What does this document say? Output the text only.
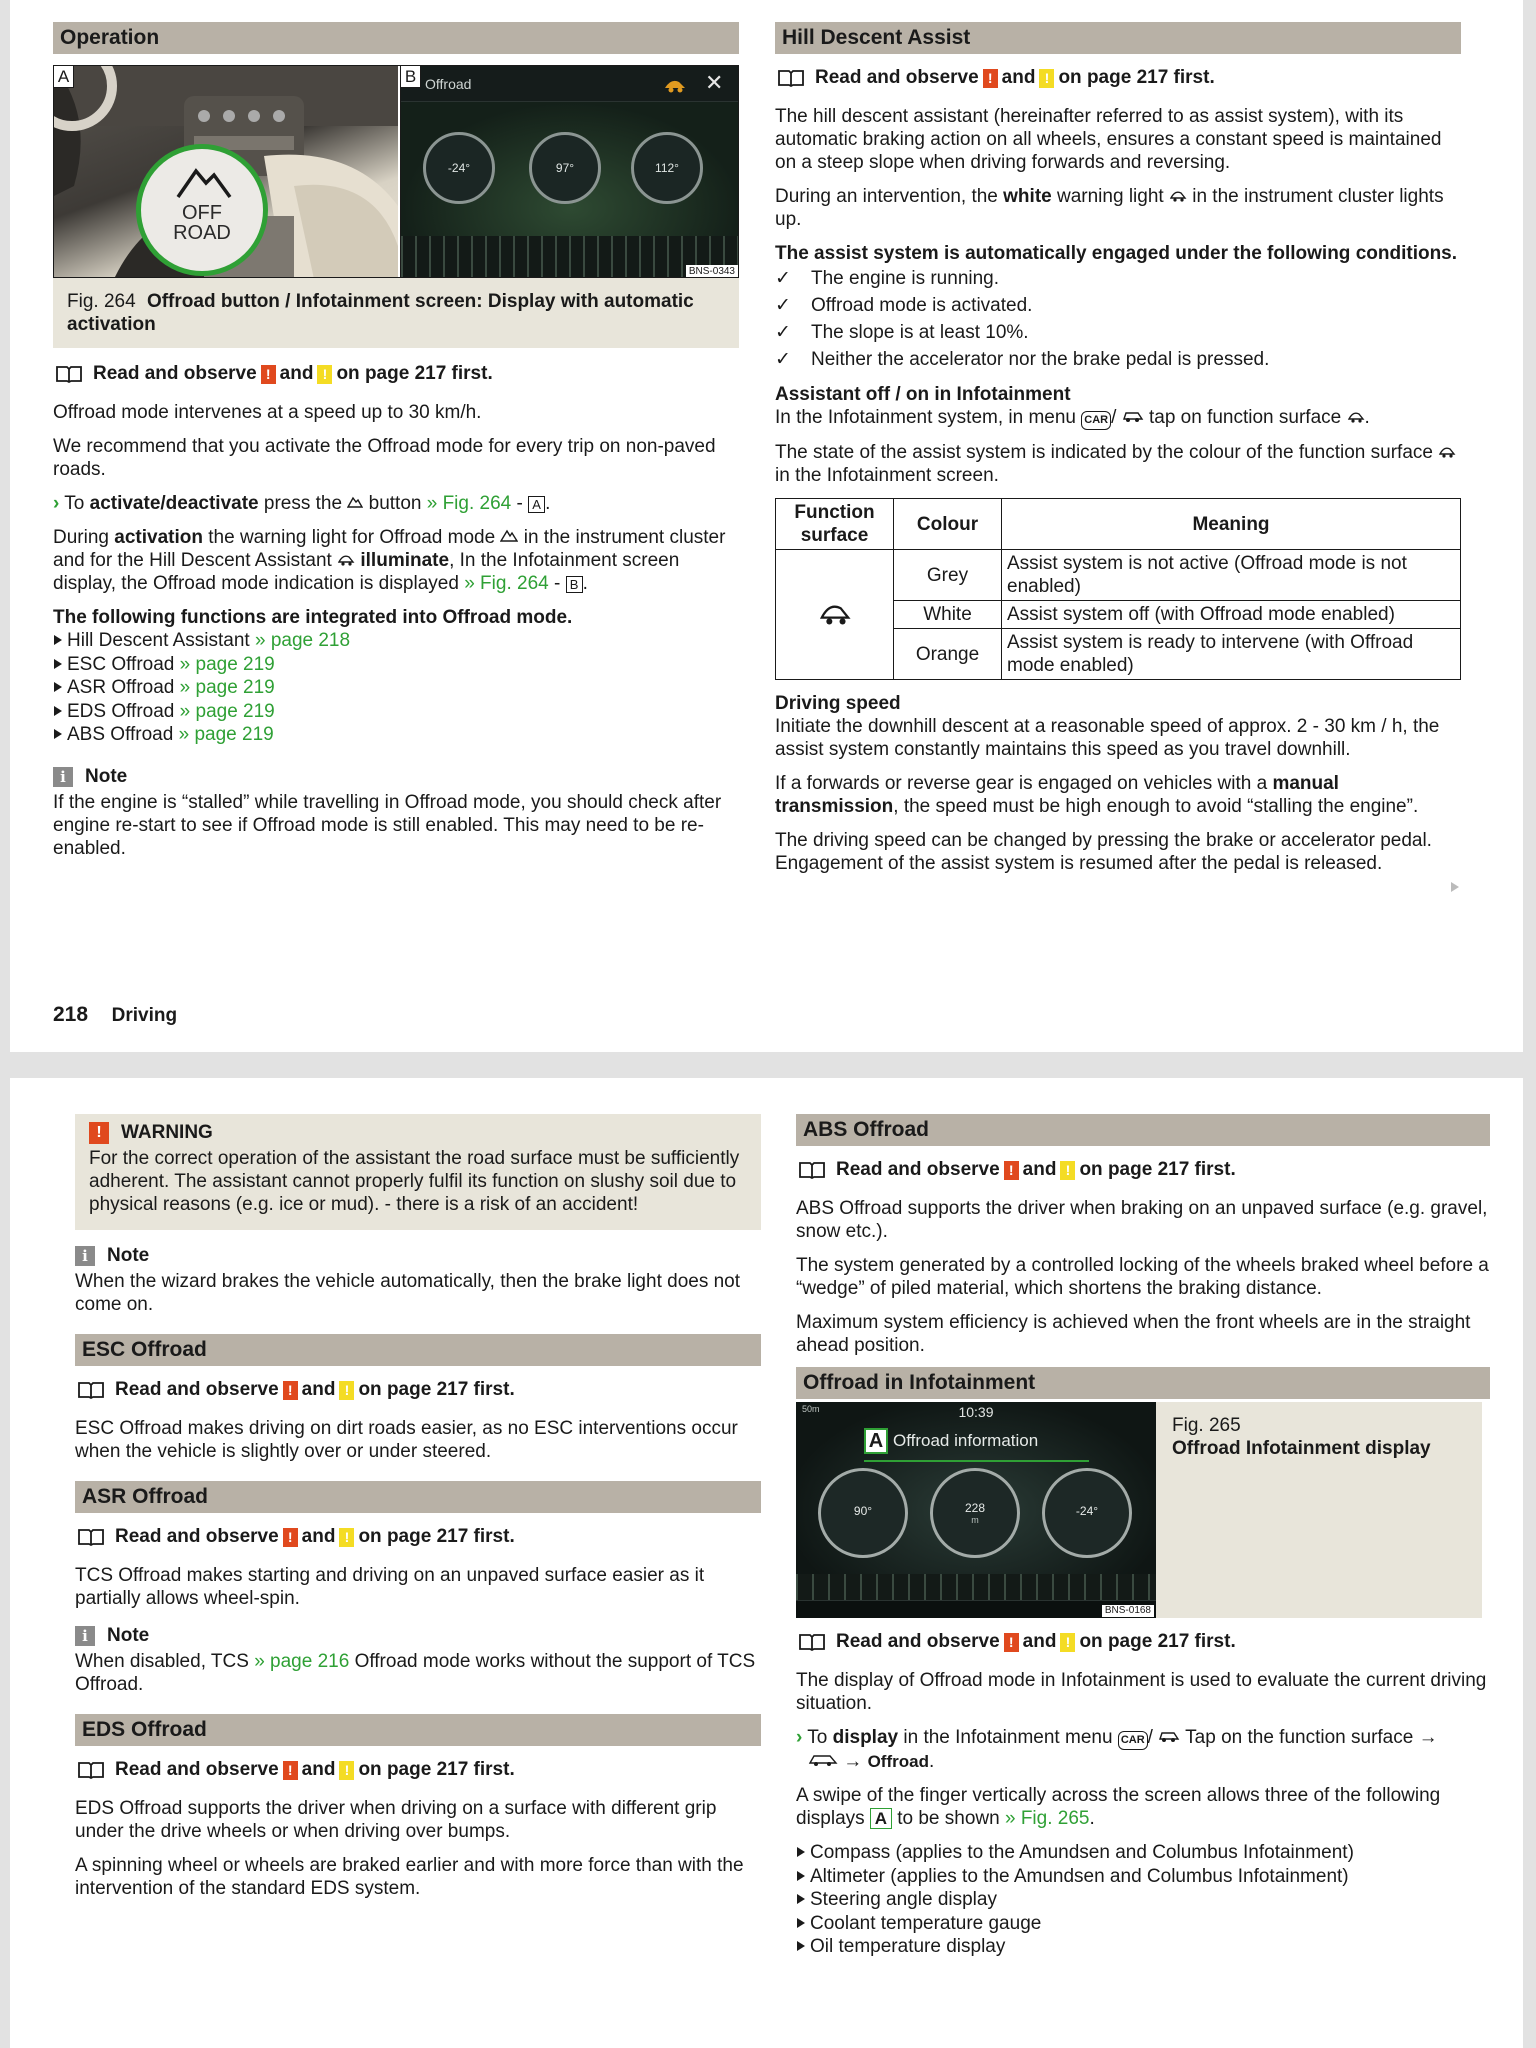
Operation
A
OFF
ROAD
B Offroad	✕
-24°	97°	112°
BNS-0343
Fig. 264 Offroad button / Infotainment screen: Display with automatic activation
Read and observe ! and ! on page 217 first.

Offroad mode intervenes at a speed up to 30 km/h.

We recommend that you activate the Offroad mode for every trip on non-paved roads.

› To activate/deactivate press the button » Fig. 264 - A .

During activation the warning light for Offroad mode in the instrument cluster and for the Hill Descent Assistant illuminate, In the Infotainment screen display, the Offroad mode indication is displayed » Fig. 264 - B .

The following functions are integrated into Offroad mode.

Hill Descent Assistant » page 218
ESC Offroad » page 219
ASR Offroad » page 219
EDS Offroad » page 219
ABS Offroad » page 219
i	Note

If the engine is “stalled” while travelling in Offroad mode, you should check after engine re-start to see if Offroad mode is still enabled. This may need to be re-enabled.

Hill Descent Assist
Read and observe ! and ! on page 217 first.

The hill descent assistant (hereinafter referred to as assist system), with its automatic braking action on all wheels, ensures a constant speed is maintained on a steep slope when driving forwards and reversing.

During an intervention, the white warning light in the instrument cluster lights up.

The assist system is automatically engaged under the following conditions.

✓	The engine is running.
✓	Offroad mode is activated.
✓	The slope is at least 10%.
✓	Neither the accelerator nor the brake pedal is pressed.

Assistant off / on in Infotainment

In the Infotainment system, in menu CAR / tap on function surface .

The state of the assist system is indicated by the colour of the function surface  in the Infotainment screen.

Function surface	Colour	Meaning
	Grey	Assist system is not active (Offroad mode is not enabled)
	White	Assist system off (with Offroad mode enabled)
	Orange	Assist system is ready to intervene (with Offroad mode enabled)

Driving speed

Initiate the downhill descent at a reasonable speed of approx. 2 - 30 km / h, the assist system constantly maintains this speed as you travel downhill.

If a forwards or reverse gear is engaged on vehicles with a manual transmission, the speed must be high enough to avoid “stalling the engine”.

The driving speed can be changed by pressing the brake or accelerator pedal. Engagement of the assist system is resumed after the pedal is released.

218 Driving
!	WARNING

For the correct operation of the assistant the road surface must be sufficiently adherent. The assistant cannot properly fulfil its function on slushy soil due to physical reasons (e.g. ice or mud). - there is a risk of an accident!

i	Note

When the wizard brakes the vehicle automatically, then the brake light does not come on.

ESC Offroad
Read and observe ! and ! on page 217 first.

ESC Offroad makes driving on dirt roads easier, as no ESC interventions occur when the vehicle is slightly over or under steered.

ASR Offroad
Read and observe ! and ! on page 217 first.

TCS Offroad makes starting and driving on an unpaved surface easier as it partially allows wheel-spin.

i	Note

When disabled, TCS » page 216 Offroad mode works without the support of TCS Offroad.

EDS Offroad
Read and observe ! and ! on page 217 first.

EDS Offroad supports the driver when driving on a surface with different grip under the drive wheels or when driving over bumps.

A spinning wheel or wheels are braked earlier and with more force than with the intervention of the standard EDS system.

ABS Offroad
Read and observe ! and ! on page 217 first.

ABS Offroad supports the driver when braking on an unpaved surface (e.g. gravel, snow etc.).

The system generated by a controlled locking of the wheels braked wheel before a “wedge” of piled material, which shortens the braking distance.

Maximum system efficiency is achieved when the front wheels are in the straight ahead position.

Offroad in Infotainment
50m	10:39
A Offroad information
90°	228
m
-24°
BNS-0168
Fig. 265
Offroad Infotainment display
Read and observe ! and ! on page 217 first.

The display of Offroad mode in Infotainment is used to evaluate the current driving situation.

› To display in the Infotainment menu CAR / Tap on the function surface →
→ Offroad.

A swipe of the finger vertically across the screen allows three of the following displays A to be shown » Fig. 265.

Compass (applies to the Amundsen and Columbus Infotainment)
Altimeter (applies to the Amundsen and Columbus Infotainment)
Steering angle display
Coolant temperature gauge
Oil temperature display
